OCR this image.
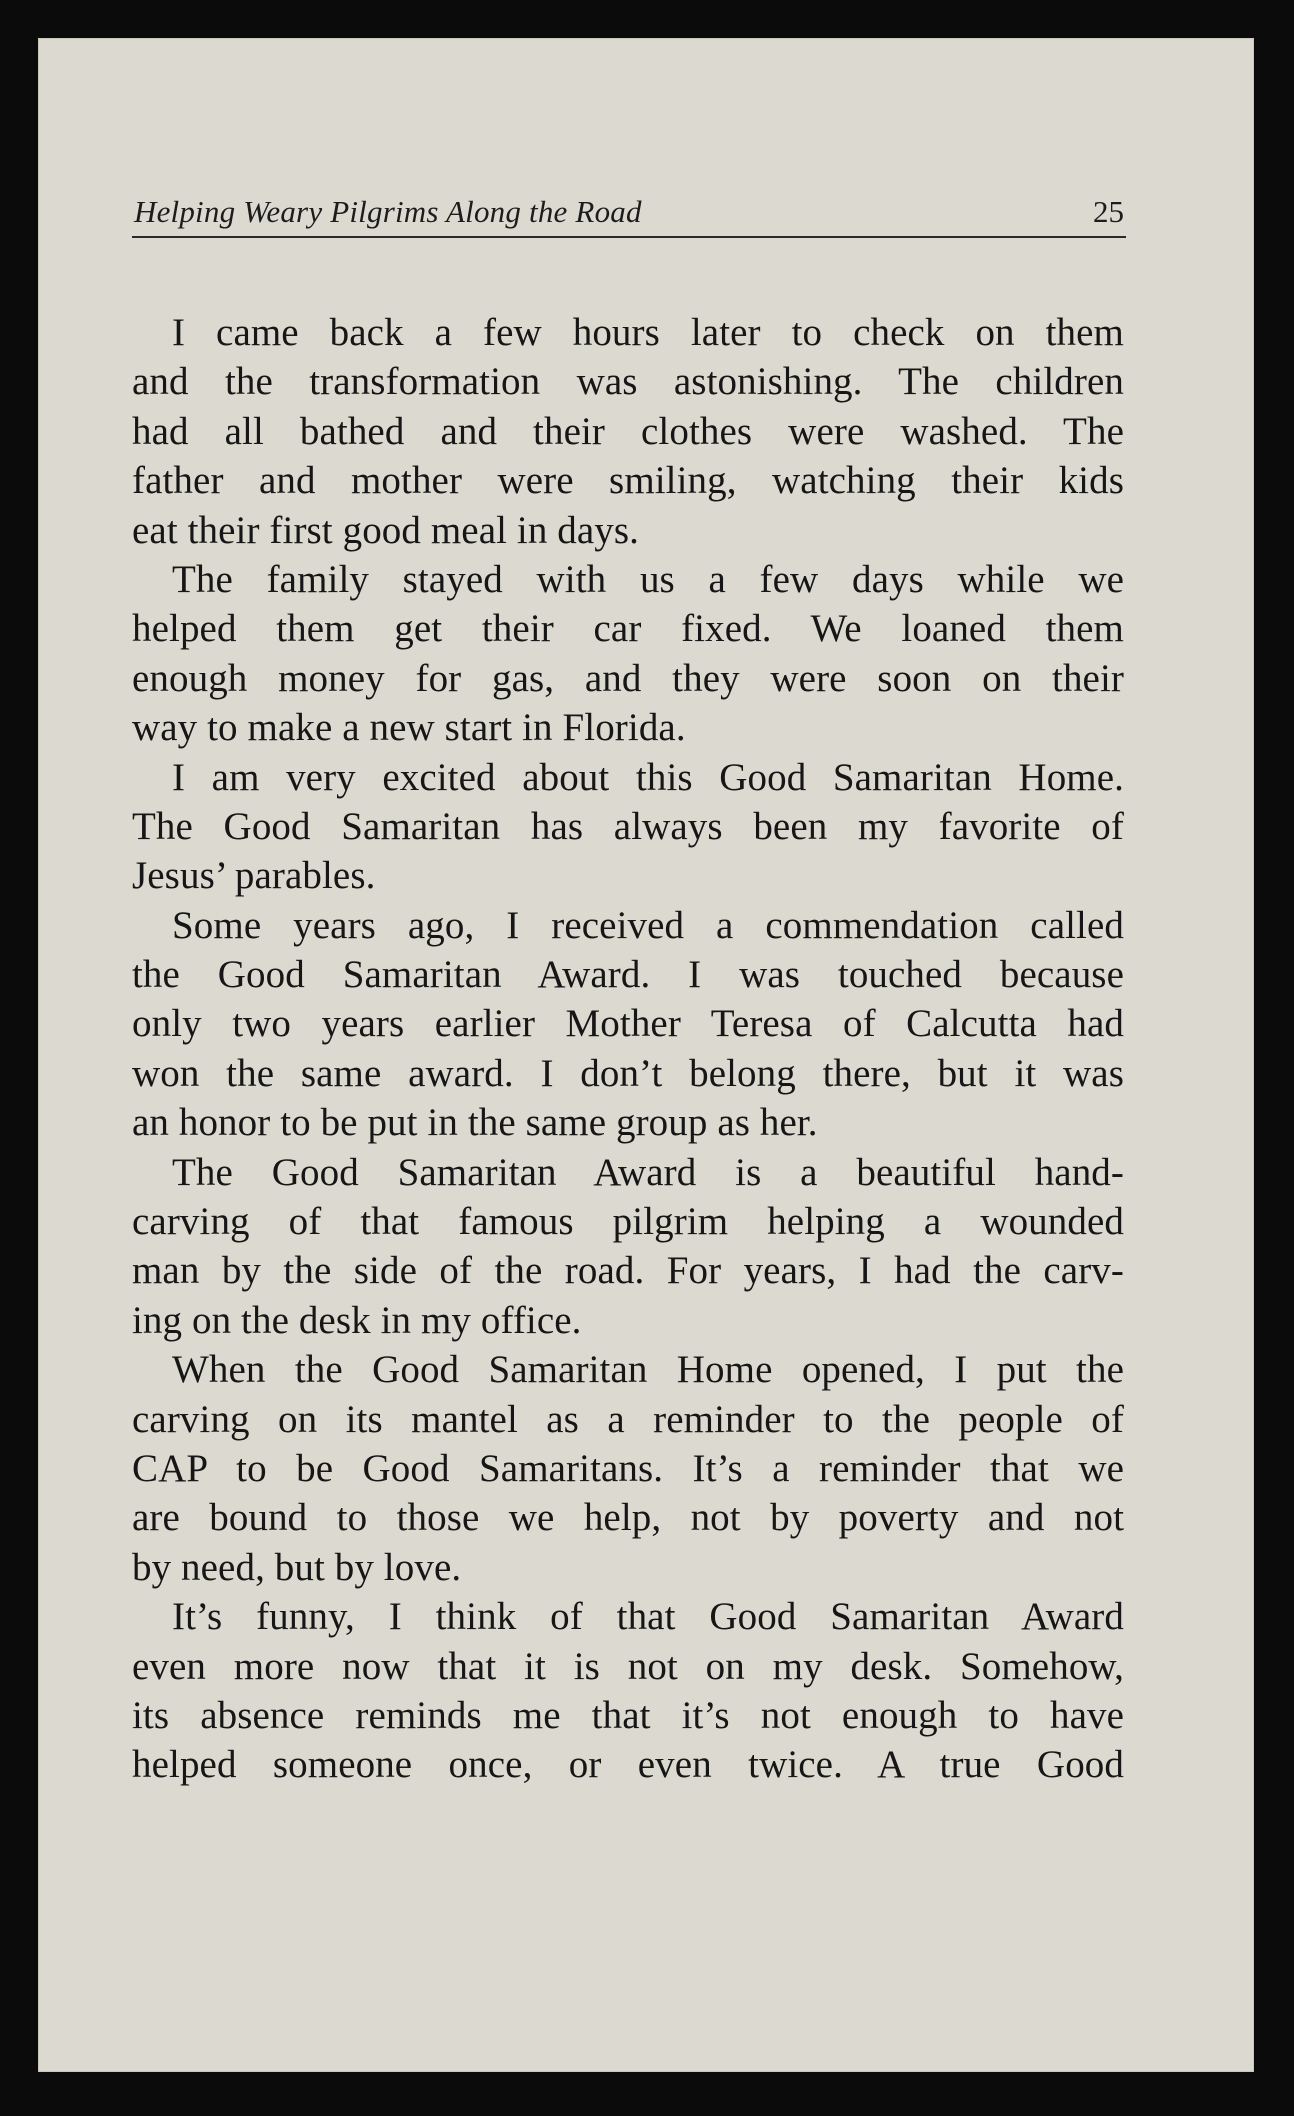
Helping Weary Pilgrims Along the Road	25
I came back a few hours later to check on them
and the transformation was astonishing. The children
had all bathed and their clothes were washed. The
father and mother were smiling, watching their kids
eat their first good meal in days.
The family stayed with us a few days while we
helped them get their car fixed. We loaned them
enough money for gas, and they were soon on their
way to make a new start in Florida.
I am very excited about this Good Samaritan Home.
The Good Samaritan has always been my favorite of
Jesus’ parables.
Some years ago, I received a commendation called
the Good Samaritan Award. I was touched because
only two years earlier Mother Teresa of Calcutta had
won the same award. I don’t belong there, but it was
an honor to be put in the same group as her.
The Good Samaritan Award is a beautiful hand-
carving of that famous pilgrim helping a wounded
man by the side of the road. For years, I had the carv-
ing on the desk in my office.
When the Good Samaritan Home opened, I put the
carving on its mantel as a reminder to the people of
CAP to be Good Samaritans. It’s a reminder that we
are bound to those we help, not by poverty and not
by need, but by love.
It’s funny, I think of that Good Samaritan Award
even more now that it is not on my desk. Somehow,
its absence reminds me that it’s not enough to have
helped someone once, or even twice. A true Good
